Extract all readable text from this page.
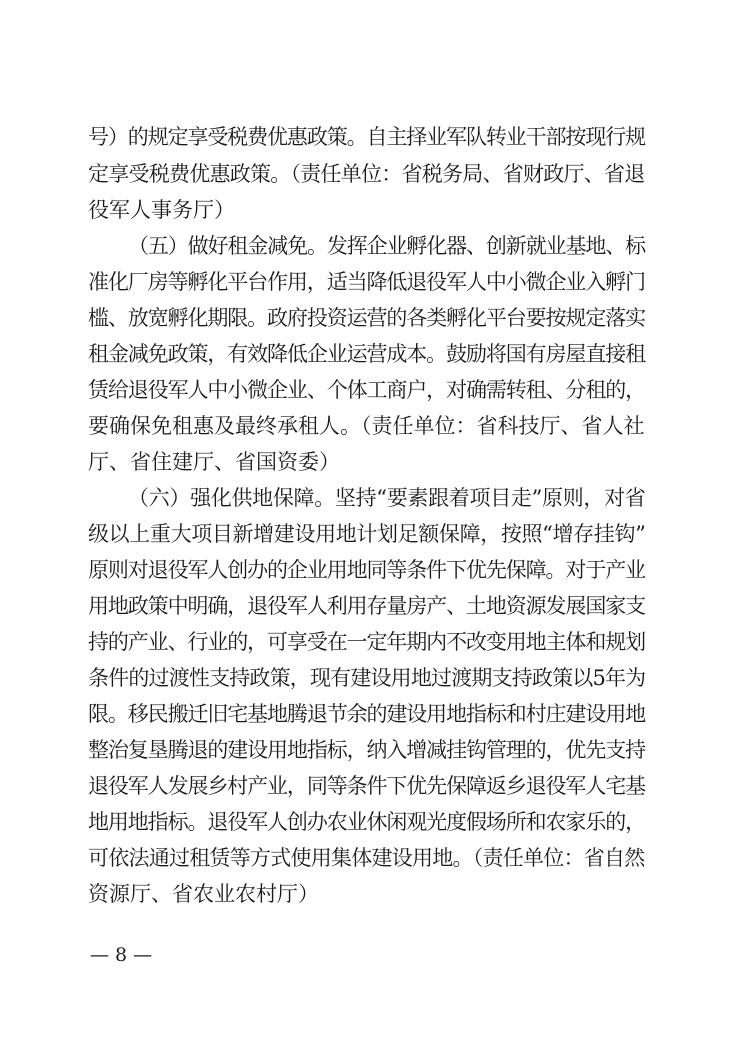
号）的规定享受税费优惠政策。自主择业军队转业干部按现行规
定享受税费优惠政策。（责任单位：省税务局、省财政厅、省退
役军人事务厅）
（五）做好租金减免。发挥企业孵化器、创新就业基地、标
准化厂房等孵化平台作用，适当降低退役军人中小微企业入孵门
槛、放宽孵化期限。政府投资运营的各类孵化平台要按规定落实
租金减免政策，有效降低企业运营成本。鼓励将国有房屋直接租
赁给退役军人中小微企业、个体工商户，对确需转租、分租的，
要确保免租惠及最终承租人。（责任单位：省科技厅、省人社
厅、省住建厅、省国资委）
（六）强化供地保障。坚持“要素跟着项目走”原则，对省
级以上重大项目新增建设用地计划足额保障，按照“增存挂钩”
原则对退役军人创办的企业用地同等条件下优先保障。对于产业
用地政策中明确，退役军人利用存量房产、土地资源发展国家支
持的产业、行业的，可享受在一定年期内不改变用地主体和规划
条件的过渡性支持政策，现有建设用地过渡期支持政策以5年为
限。移民搬迁旧宅基地腾退节余的建设用地指标和村庄建设用地
整治复垦腾退的建设用地指标，纳入增减挂钩管理的，优先支持
退役军人发展乡村产业，同等条件下优先保障返乡退役军人宅基
地用地指标。退役军人创办农业休闲观光度假场所和农家乐的，
可依法通过租赁等方式使用集体建设用地。（责任单位：省自然
资源厅、省农业农村厅）
— 8 —
